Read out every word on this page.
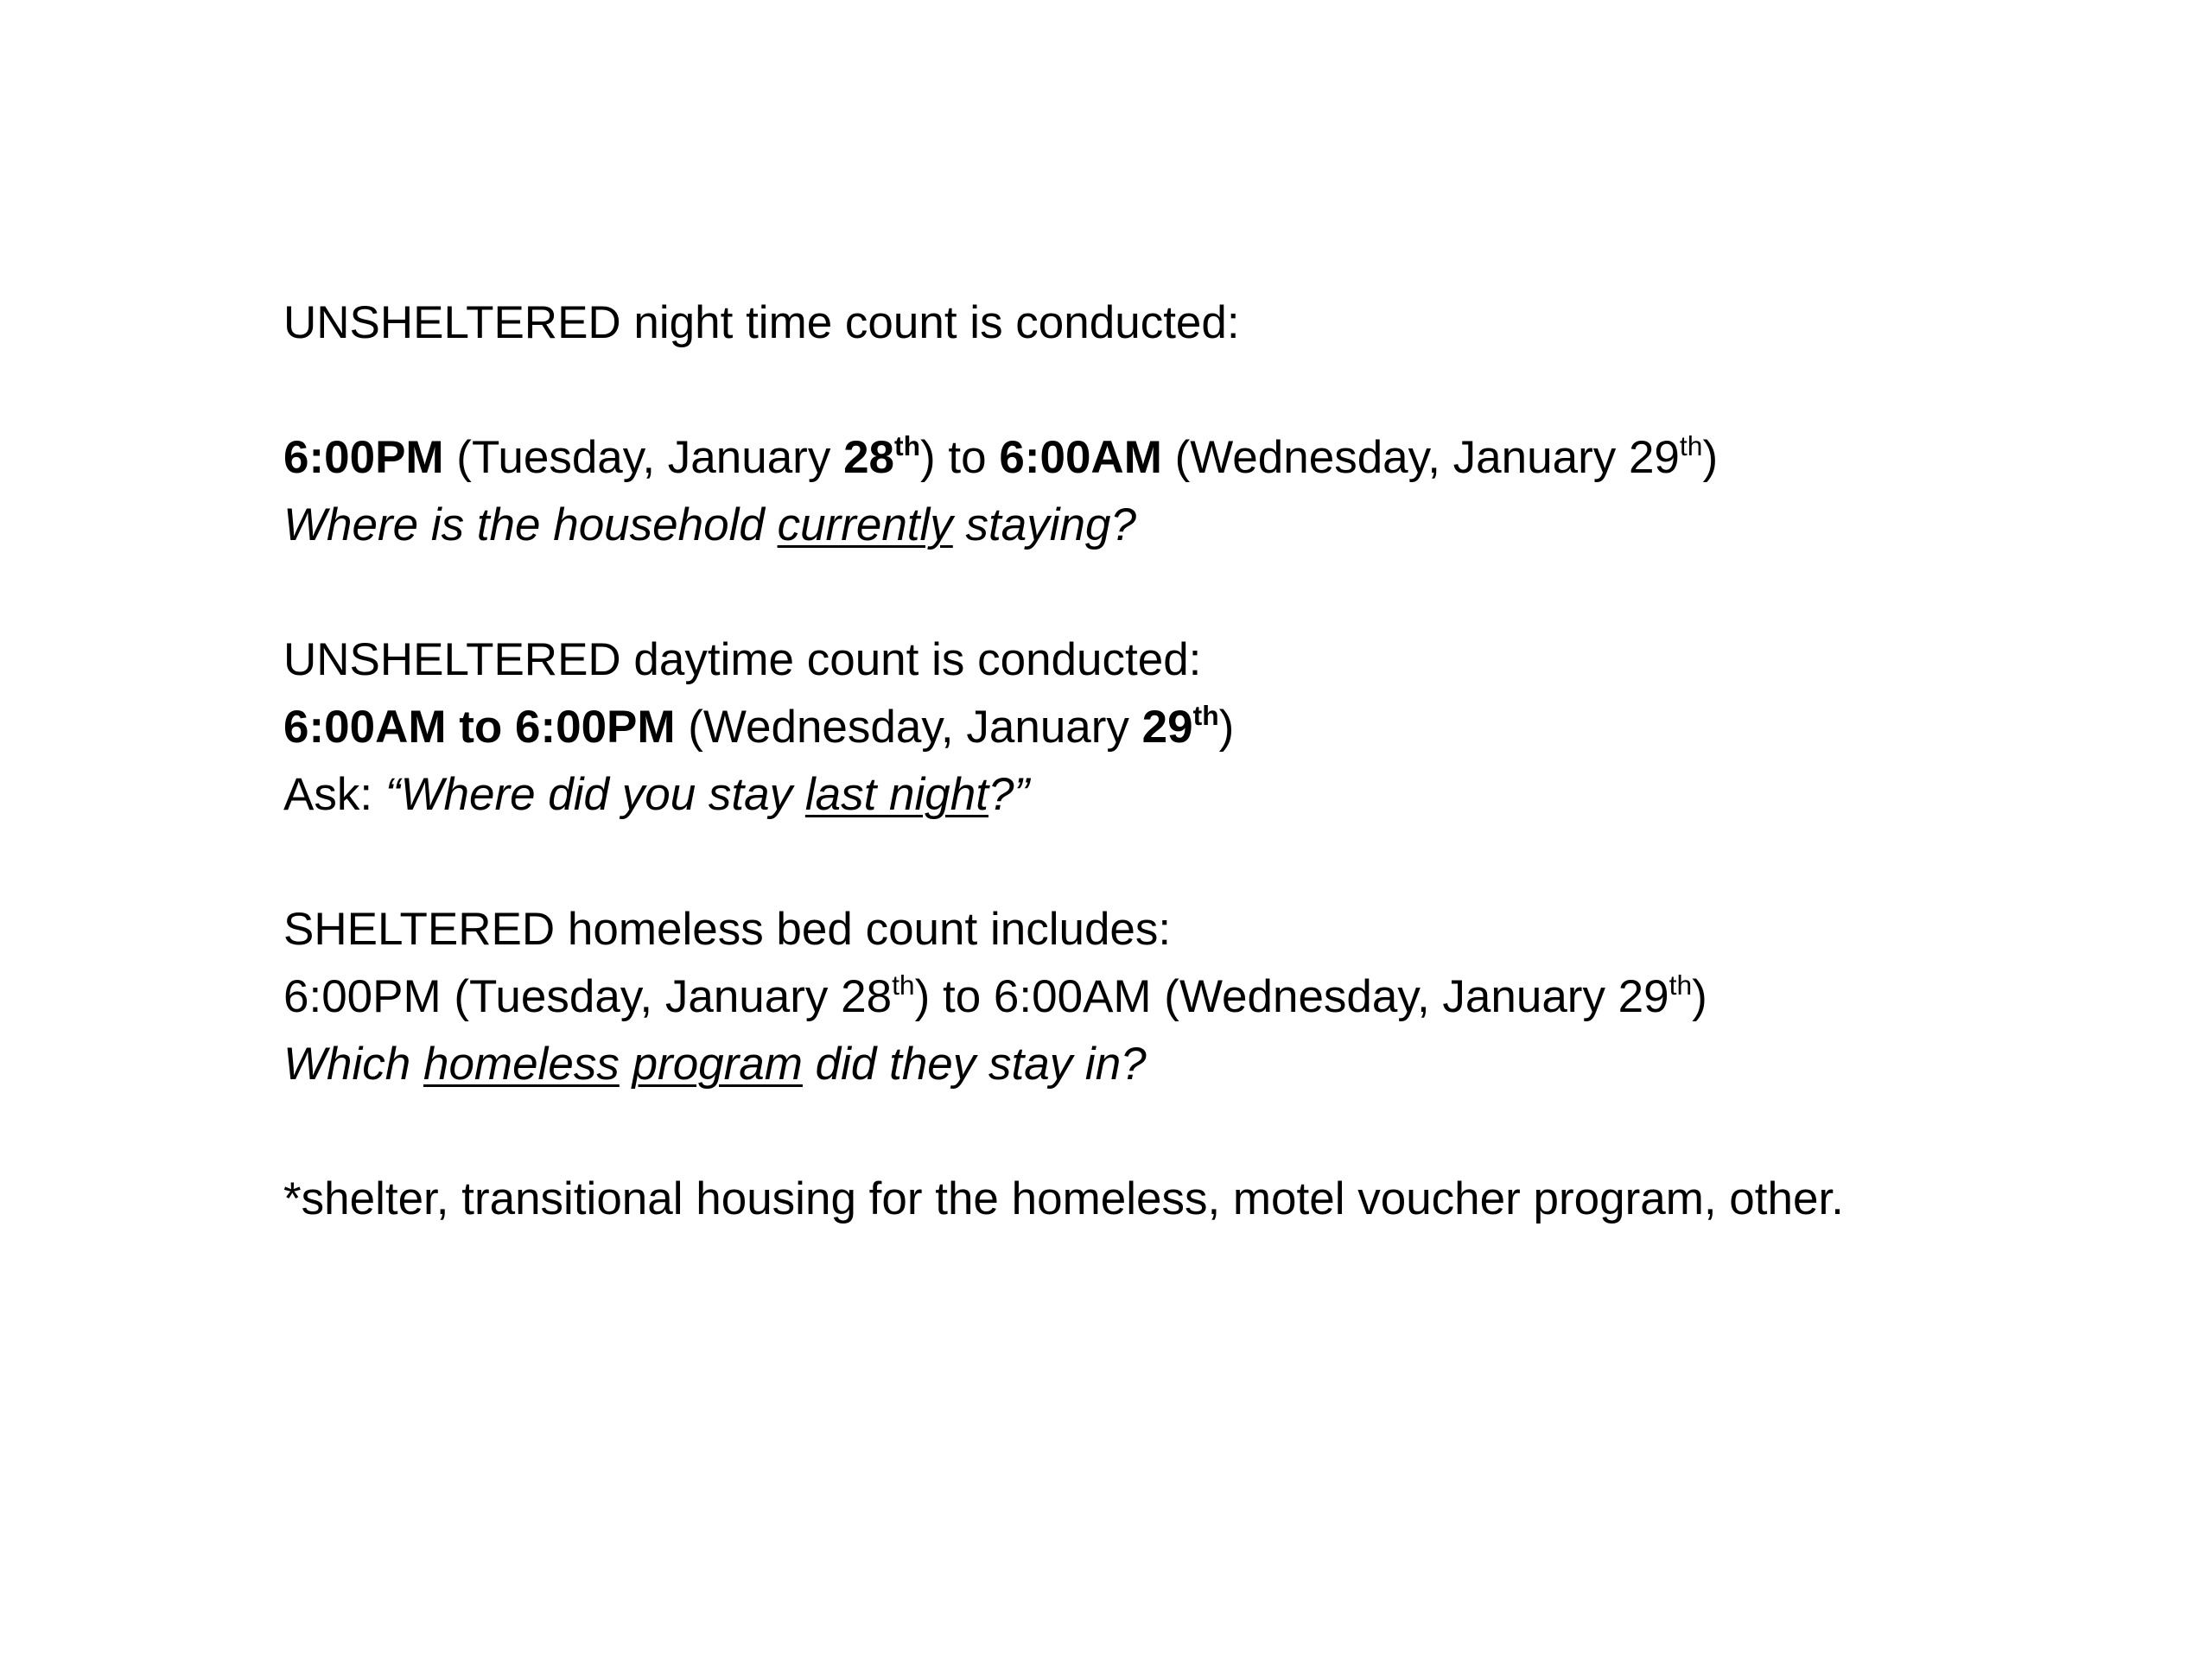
UNSHELTERED night time count is conducted:

6:00PM (Tuesday, January 28th) to 6:00AM (Wednesday, January 29th)

Where is the household currently staying?

UNSHELTERED daytime count is conducted:

6:00AM to 6:00PM (Wednesday, January 29th)

Ask: “Where did you stay last night?”

SHELTERED homeless bed count includes:

6:00PM (Tuesday, January 28th) to 6:00AM (Wednesday, January 29th)

Which homeless program did they stay in?

*shelter, transitional housing for the homeless, motel voucher program, other.
